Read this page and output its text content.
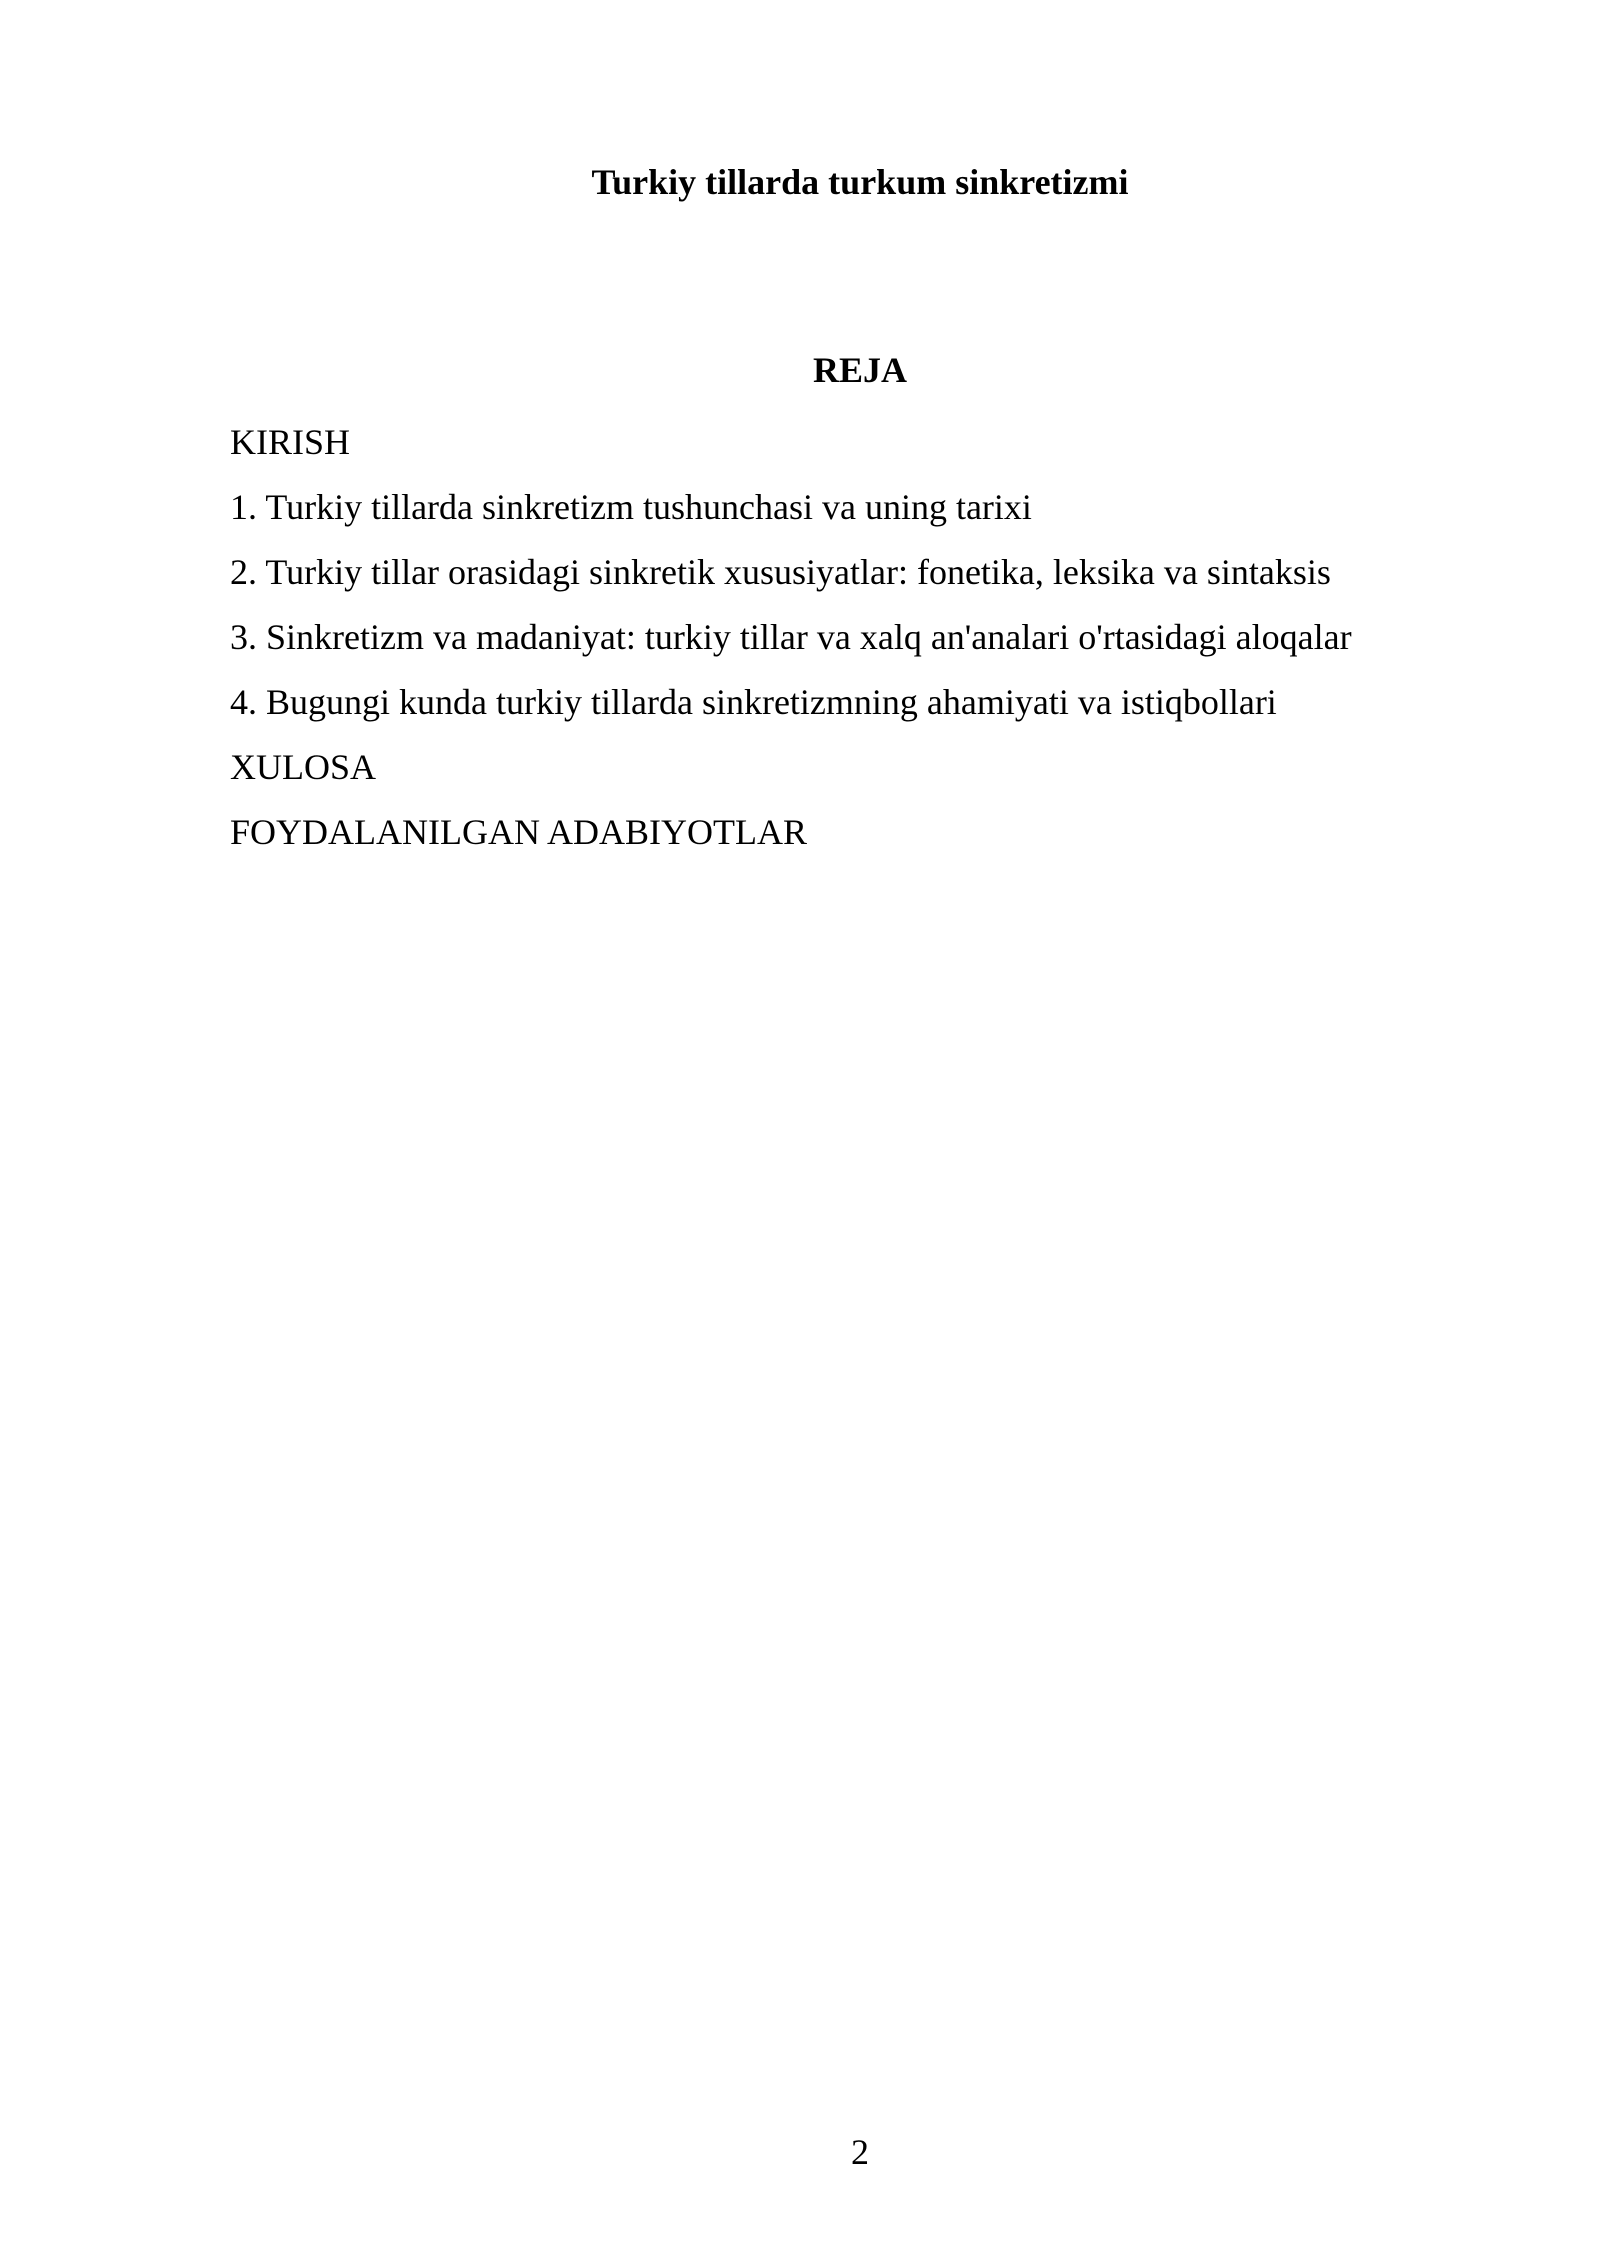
Turkiy tillarda turkum sinkretizmi
REJA
KIRISH
1. Turkiy tillarda sinkretizm tushunchasi va uning tarixi
2. Turkiy tillar orasidagi sinkretik xususiyatlar: fonetika, leksika va sintaksis
3. Sinkretizm va madaniyat: turkiy tillar va xalq an'analari o'rtasidagi aloqalar
4. Bugungi kunda turkiy tillarda sinkretizmning ahamiyati va istiqbollari
XULOSA
FOYDALANILGAN ADABIYOTLAR
2
